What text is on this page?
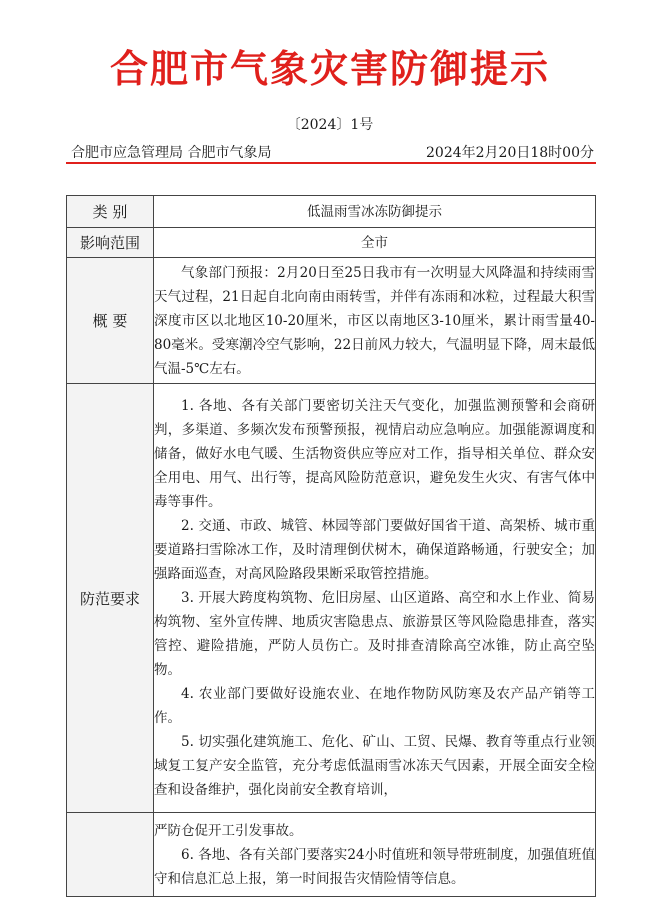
合肥市气象灾害防御提示
〔2024〕1号
合肥市应急管理局 合肥市气象局	2024年2月20日18时00分
类 别	低温雨雪冰冻防御提示
影响范围	全市
概 要	气象部门预报：2月20日至25日我市有一次明显大风降温和持续雨雪天气过程，21日起自北向南由雨转雪，并伴有冻雨和冰粒，过程最大积雪深度市区以北地区10-20厘米，市区以南地区3-10厘米，累计雨雪量40-80毫米。受寒潮冷空气影响，22日前风力较大，气温明显下降，周末最低气温-5℃左右。

防范要求	1. 各地、各有关部门要密切关注天气变化，加强监测预警和会商研判，多渠道、多频次发布预警预报，视情启动应急响应。加强能源调度和储备，做好水电气暖、生活物资供应等应对工作，指导相关单位、群众安全用电、用气、出行等，提高风险防范意识，避免发生火灾、有害气体中毒等事件。
2. 交通、市政、城管、林园等部门要做好国省干道、高架桥、城市重要道路扫雪除冰工作，及时清理倒伏树木，确保道路畅通，行驶安全；加强路面巡查，对高风险路段果断采取管控措施。
3. 开展大跨度构筑物、危旧房屋、山区道路、高空和水上作业、简易构筑物、室外宣传牌、地质灾害隐患点、旅游景区等风险隐患排查，落实管控、避险措施，严防人员伤亡。及时排查清除高空冰锥，防止高空坠物。
4. 农业部门要做好设施农业、在地作物防风防寒及农产品产销等工作。
5. 切实强化建筑施工、危化、矿山、工贸、民爆、教育等重点行业领域复工复产安全监管，充分考虑低温雨雪冰冻天气因素，开展全面安全检查和设备维护，强化岗前安全教育培训，

严防仓促开工引发事故。
6. 各地、各有关部门要落实24小时值班和领导带班制度，加强值班值守和信息汇总上报，第一时间报告灾情险情等信息。
